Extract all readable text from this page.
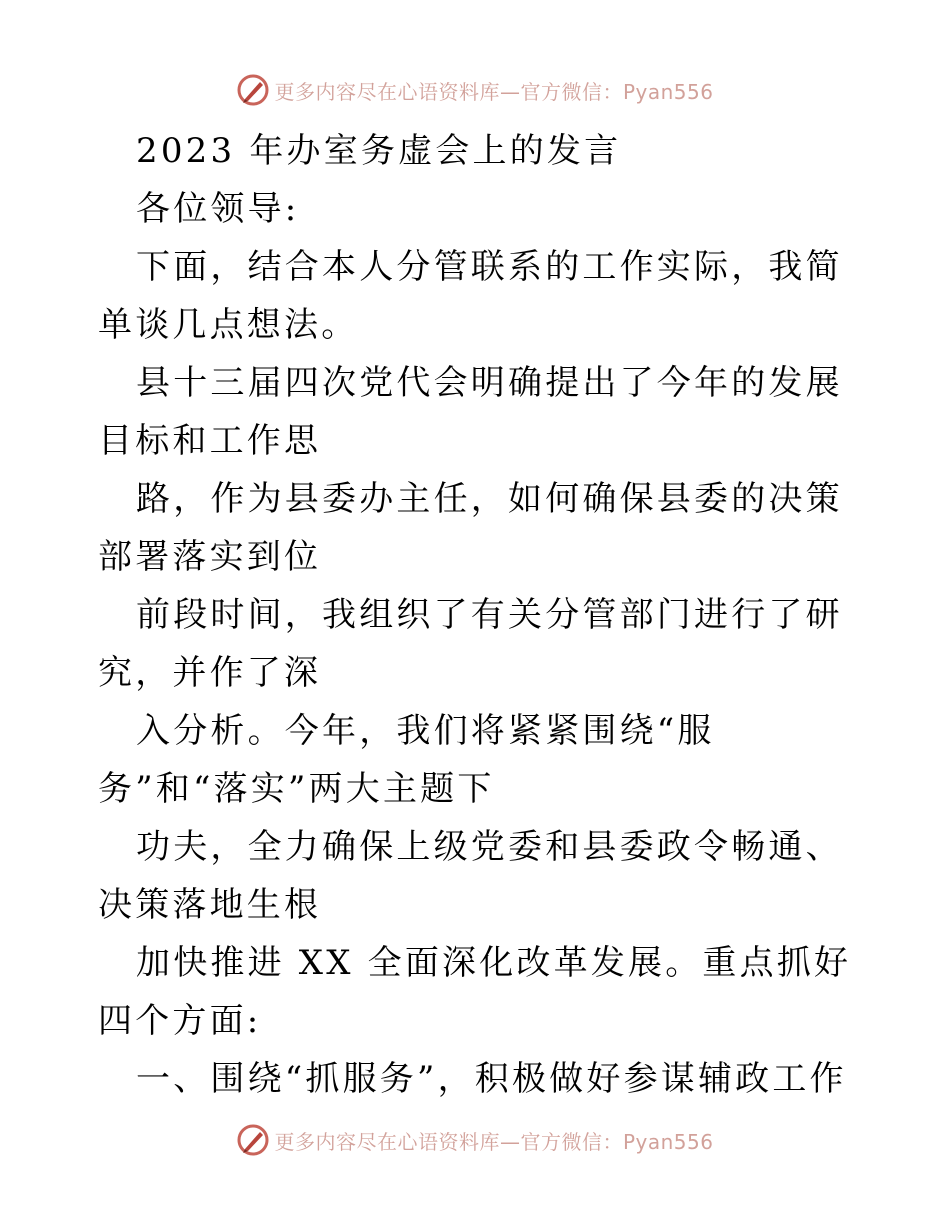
更多内容尽在心语资料库—官方微信：Pyan556

2023 年办室务虚会上的发言

各位领导:

下面，结合本人分管联系的工作实际，我简单谈几点想法。

县十三届四次党代会明确提出了今年的发展目标和工作思

路，作为县委办主任，如何确保县委的决策部署落实到位

前段时间，我组织了有关分管部门进行了研究，并作了深

入分析。今年，我们将紧紧围绕“服务”和“落实”两大主题下

功夫，全力确保上级党委和县委政令畅通、决策落地生根

加快推进 XX 全面深化改革发展。重点抓好四个方面:

一、围绕“抓服务”，积极做好参谋辅政工作

更多内容尽在心语资料库—官方微信：Pyan556
